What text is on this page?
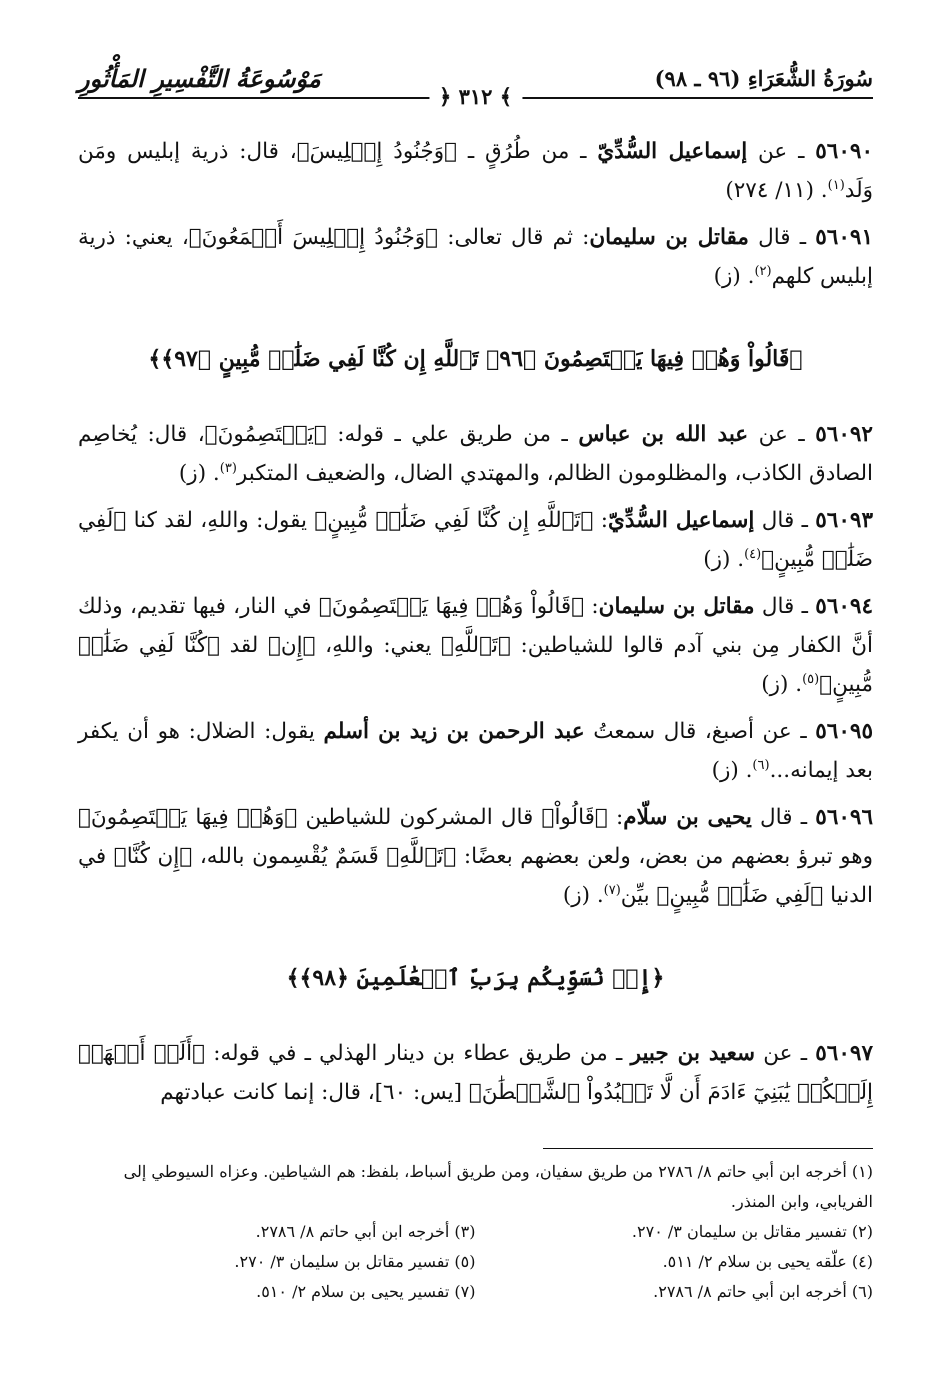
سُورَةُ الشُّعَرَاءِ (٩٦ ـ ٩٨)
﴿ ٣١٢ ﴾
مَوْسُوعَةُ التَّفْسِيرِ المَأْثُورِ

٥٦٠٩٠ ـ عن إسماعيل السُّدِّيّ ـ من طُرُقٍ ـ ﴿وَجُنُودُ إِبۡلِيسَ﴾، قال: ذرية إبليس ومَن وَلَد$^{(١)}$. (١١/ ٢٧٤)

٥٦٠٩١ ـ قال مقاتل بن سليمان: ثم قال تعالى: ﴿وَجُنُودُ إِبۡلِيسَ أَجۡمَعُونَ﴾، يعني: ذرية إبليس كلهم$^{(٢)}$. (ز)

﴿قَالُواْ وَهُمۡ فِيهَا يَخۡتَصِمُونَ ﴿٩٦﴾ تَٱللَّهِ إِن كُنَّا لَفِي ضَلَٰلٖ مُّبِينٍ ﴿٩٧﴾﴾

٥٦٠٩٢ ـ عن عبد الله بن عباس ـ من طريق علي ـ قوله: ﴿يَخۡتَصِمُونَ﴾، قال: يُخاصِم الصادق الكاذب، والمظلومون الظالم، والمهتدي الضال، والضعيف المتكبر$^{(٣)}$. (ز)

٥٦٠٩٣ ـ قال إسماعيل السُّدِّيّ: ﴿تَٱللَّهِ إِن كُنَّا لَفِي ضَلَٰلٖ مُّبِينٍ﴾ يقول: واللهِ، لقد كنا ﴿لَفِي ضَلَٰلٖ مُّبِينٍ﴾$^{(٤)}$. (ز)

٥٦٠٩٤ ـ قال مقاتل بن سليمان: ﴿قَالُواْ وَهُمۡ فِيهَا يَخۡتَصِمُونَ﴾ في النار، فيها تقديم، وذلك أنَّ الكفار مِن بني آدم قالوا للشياطين: ﴿تَٱللَّهِ﴾ يعني: واللهِ، ﴿إِن﴾ لقد ﴿كُنَّا لَفِي ضَلَٰلٖ مُّبِينٍ﴾$^{(٥)}$. (ز)

٥٦٠٩٥ ـ عن أصبغ، قال سمعتُ عبد الرحمن بن زيد بن أسلم يقول: الضلال: هو أن يكفر بعد إيمانه...$^{(٦)}$. (ز)

٥٦٠٩٦ ـ قال يحيى بن سلّام: ﴿قَالُواْ﴾ قال المشركون للشياطين ﴿وَهُمۡ فِيهَا يَخۡتَصِمُونَ﴾ وهو تبرؤ بعضهم من بعض، ولعن بعضهم بعضًا: ﴿تَٱللَّهِ﴾ قَسَمٌ يُقْسِمون بالله، ﴿إِن كُنَّا﴾ في الدنيا ﴿لَفِي ضَلَٰلٖ مُّبِينٍ﴾ بيِّن$^{(٧)}$. (ز)

﴿إِذۡ نُسَوِّيكُم بِرَبِّ ٱلۡعَٰلَمِينَ ﴿٩٨﴾﴾

٥٦٠٩٧ ـ عن سعيد بن جبير ـ من طريق عطاء بن دينار الهذلي ـ في قوله: ﴿أَلَمۡ أَعۡهَدۡ إِلَيۡكُمۡ يَٰبَنِيٓ ءَادَمَ أَن لَّا تَعۡبُدُواْ ٱلشَّيۡطَٰنَ﴾ [يس: ٦٠]، قال: إنما كانت عبادتهم

(١) أخرجه ابن أبي حاتم ٨/ ٢٧٨٦ من طريق سفيان، ومن طريق أسباط، بلفظ: هم الشياطين. وعزاه السيوطي إلى الفريابي، وابن المنذر.
(٢) تفسير مقاتل بن سليمان ٣/ ٢٧٠.
(٣) أخرجه ابن أبي حاتم ٨/ ٢٧٨٦.
(٤) علّقه يحيى بن سلام ٢/ ٥١١.
(٥) تفسير مقاتل بن سليمان ٣/ ٢٧٠.
(٦) أخرجه ابن أبي حاتم ٨/ ٢٧٨٦.
(٧) تفسير يحيى بن سلام ٢/ ٥١٠.
